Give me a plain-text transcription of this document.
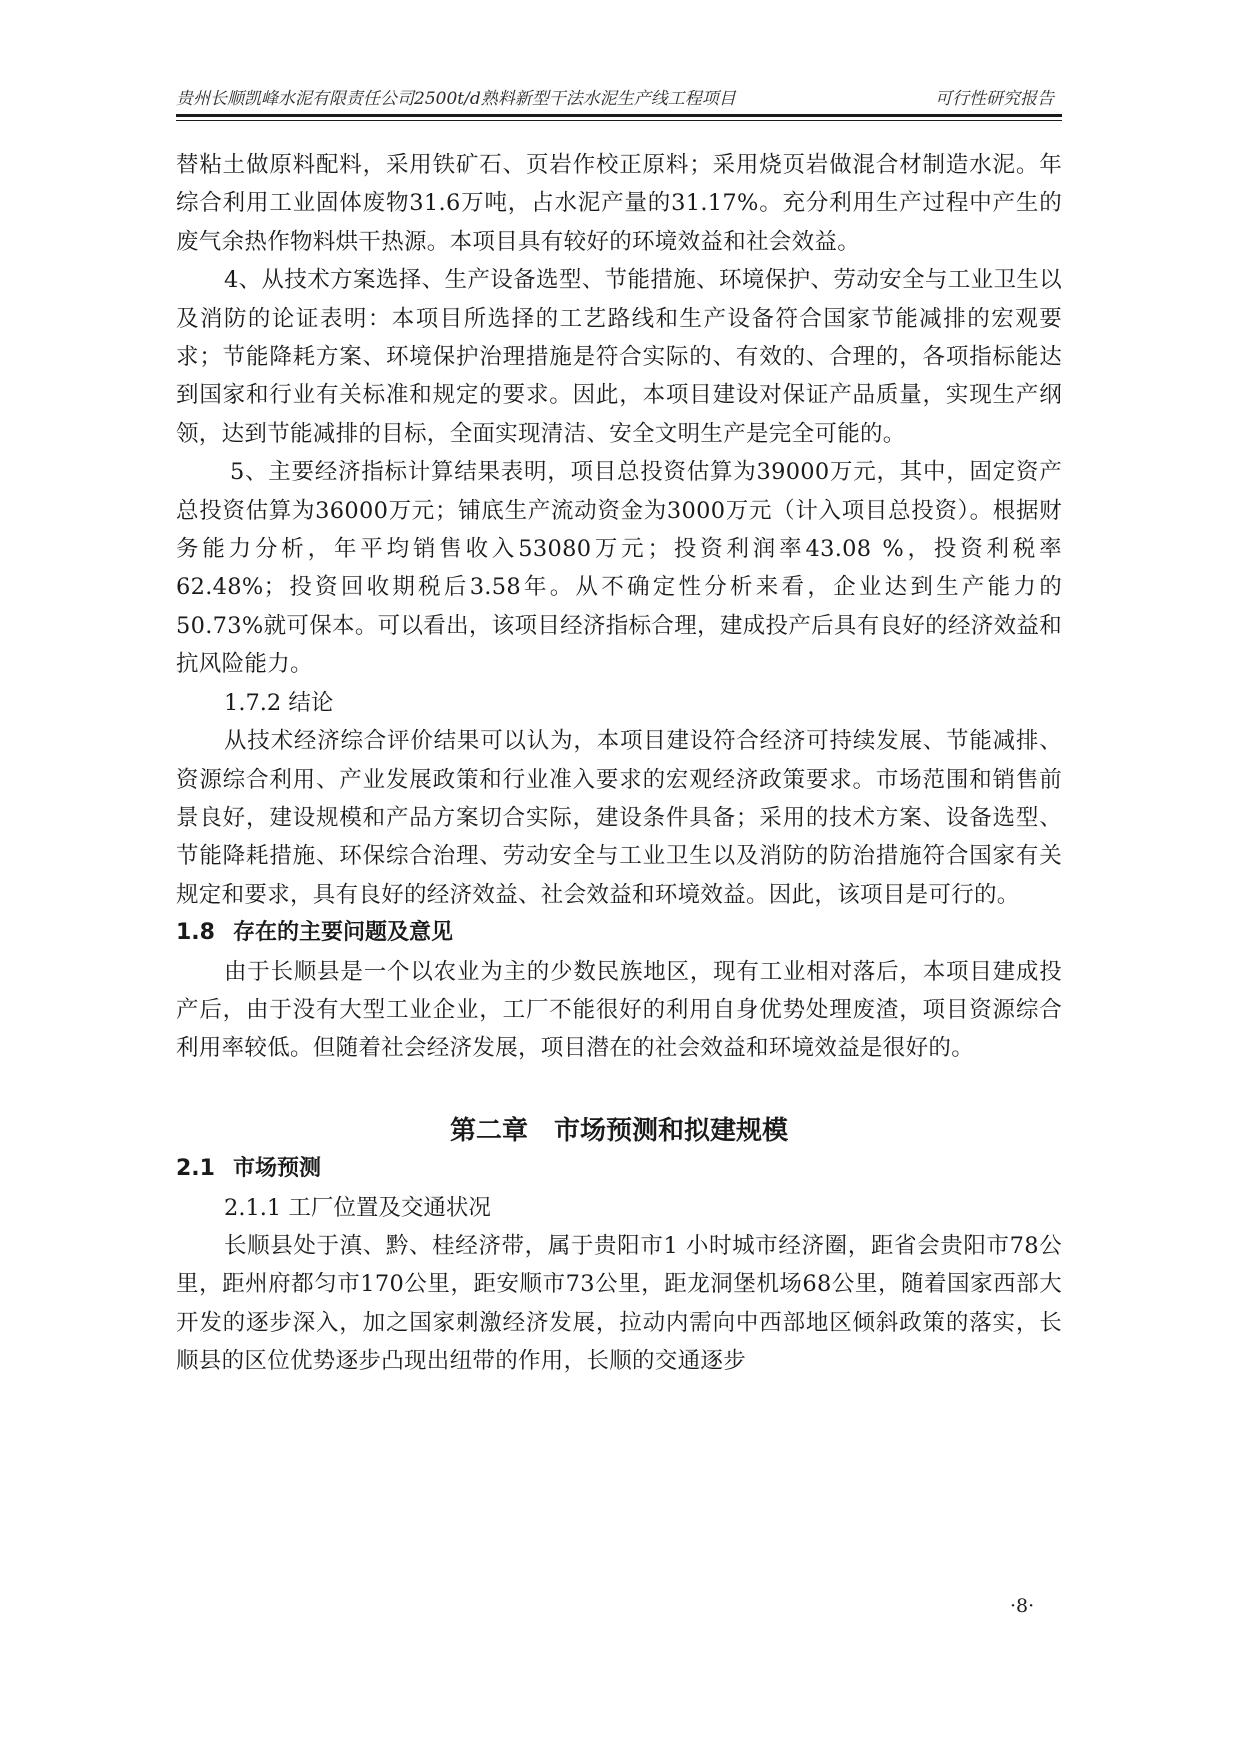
贵州长顺凯峰水泥有限责任公司2500t/d熟料新型干法水泥生产线工程项目	可行性研究报告

替粘土做原料配料，采用铁矿石、页岩作校正原料；采用烧页岩做混合材制造水泥。年综合利用工业固体废物31.6万吨，占水泥产量的31.17%。充分利用生产过程中产生的废气余热作物料烘干热源。本项目具有较好的环境效益和社会效益。

4、从技术方案选择、生产设备选型、节能措施、环境保护、劳动安全与工业卫生以及消防的论证表明：本项目所选择的工艺路线和生产设备符合国家节能减排的宏观要求；节能降耗方案、环境保护治理措施是符合实际的、有效的、合理的，各项指标能达到国家和行业有关标准和规定的要求。因此，本项目建设对保证产品质量，实现生产纲领，达到节能减排的目标，全面实现清洁、安全文明生产是完全可能的。

5、主要经济指标计算结果表明，项目总投资估算为39000万元，其中，固定资产总投资估算为36000万元；铺底生产流动资金为3000万元（计入项目总投资）。根据财务能力分析，年平均销售收入53080万元；投资利润率43.08 %，投资利税率62.48%；投资回收期税后3.58年。从不确定性分析来看，企业达到生产能力的50.73%就可保本。可以看出，该项目经济指标合理，建成投产后具有良好的经济效益和抗风险能力。

1.7.2 结论

从技术经济综合评价结果可以认为，本项目建设符合经济可持续发展、节能减排、资源综合利用、产业发展政策和行业准入要求的宏观经济政策要求。市场范围和销售前景良好，建设规模和产品方案切合实际，建设条件具备；采用的技术方案、设备选型、节能降耗措施、环保综合治理、劳动安全与工业卫生以及消防的防治措施符合国家有关规定和要求，具有良好的经济效益、社会效益和环境效益。因此，该项目是可行的。

1.8 存在的主要问题及意见

由于长顺县是一个以农业为主的少数民族地区，现有工业相对落后，本项目建成投产后，由于没有大型工业企业，工厂不能很好的利用自身优势处理废渣，项目资源综合利用率较低。但随着社会经济发展，项目潜在的社会效益和环境效益是很好的。

第二章　市场预测和拟建规模

2.1 市场预测

2.1.1 工厂位置及交通状况

长顺县处于滇、黔、桂经济带，属于贵阳市1 小时城市经济圈，距省会贵阳市78公里，距州府都匀市170公里，距安顺市73公里，距龙洞堡机场68公里，随着国家西部大开发的逐步深入，加之国家刺激经济发展，拉动内需向中西部地区倾斜政策的落实，长顺县的区位优势逐步凸现出纽带的作用，长顺的交通逐步

·8·
